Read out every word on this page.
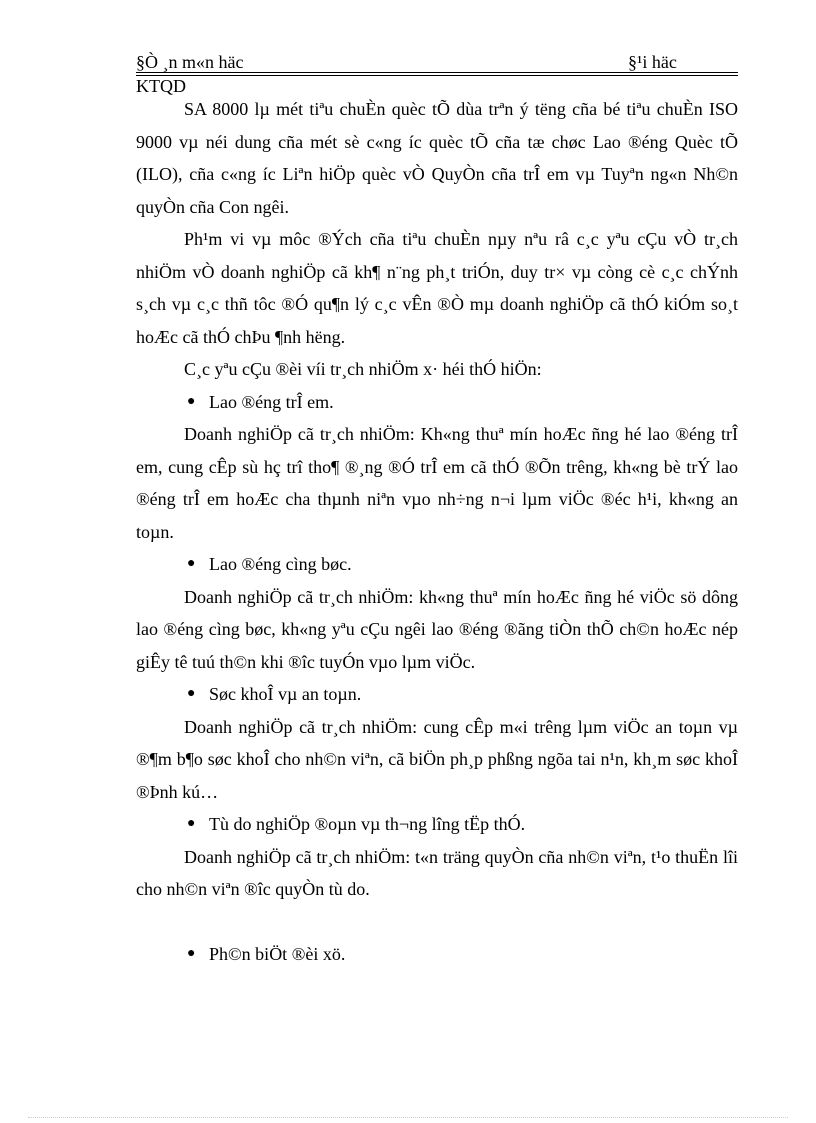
§Ò ¸n m«n häc	§¹i häc
KTQD

SA 8000 lµ mét tiªu chuÈn quèc tÕ dùa trªn ý tëng cña bé tiªu chuÈn ISO 9000 vµ néi dung cña mét sè c«ng íc quèc tÕ cña tæ chøc Lao ®éng Quèc tÕ (ILO), cña c«ng íc Liªn hiÖp quèc vÒ QuyÒn cña trÎ em vµ Tuyªn ng«n Nh©n quyÒn cña Con ngêi.

Ph¹m vi vµ môc ®Ých cña tiªu chuÈn nµy nªu râ c¸c yªu cÇu vÒ tr¸ch nhiÖm vÒ doanh nghiÖp cã kh¶ n¨ng ph¸t triÓn, duy tr× vµ còng cè c¸c chÝnh s¸ch vµ c¸c thñ tôc ®Ó qu¶n lý c¸c vÊn ®Ò mµ doanh nghiÖp cã thÓ kiÓm so¸t hoÆc cã thÓ chÞu ¶nh hëng.

C¸c yªu cÇu ®èi víi tr¸ch nhiÖm x· héi thÓ hiÖn:

● Lao ®éng trÎ em.

Doanh nghiÖp cã tr¸ch nhiÖm: Kh«ng thuª mín hoÆc ñng hé lao ®éng trÎ em, cung cÊp sù hç trî tho¶ ®¸ng ®Ó trÎ em cã thÓ ®Õn trêng, kh«ng bè trÝ lao ®éng trÎ em hoÆc cha thµnh niªn vµo nh÷ng n¬i lµm viÖc ®éc h¹i, kh«ng an toµn.

● Lao ®éng cìng bøc.

Doanh nghiÖp cã tr¸ch nhiÖm: kh«ng thuª mín hoÆc ñng hé viÖc sö dông lao ®éng cìng bøc, kh«ng yªu cÇu ngêi lao ®éng ®ãng tiÒn thÕ ch©n hoÆc nép giÊy tê tuú th©n khi ®îc tuyÓn vµo lµm viÖc.

● Søc khoÎ vµ an toµn.

Doanh nghiÖp cã tr¸ch nhiÖm: cung cÊp m«i trêng lµm viÖc an toµn vµ ®¶m b¶o søc khoÎ cho nh©n viªn, cã biÖn ph¸p phßng ngõa tai n¹n, kh¸m søc khoÎ ®Þnh kú…

● Tù do nghiÖp ®oµn vµ th¬ng lîng tËp thÓ.

Doanh nghiÖp cã tr¸ch nhiÖm: t«n träng quyÒn cña nh©n viªn, t¹o thuËn lîi cho nh©n viªn ®îc quyÒn tù do.

● Ph©n biÖt ®èi xö.
